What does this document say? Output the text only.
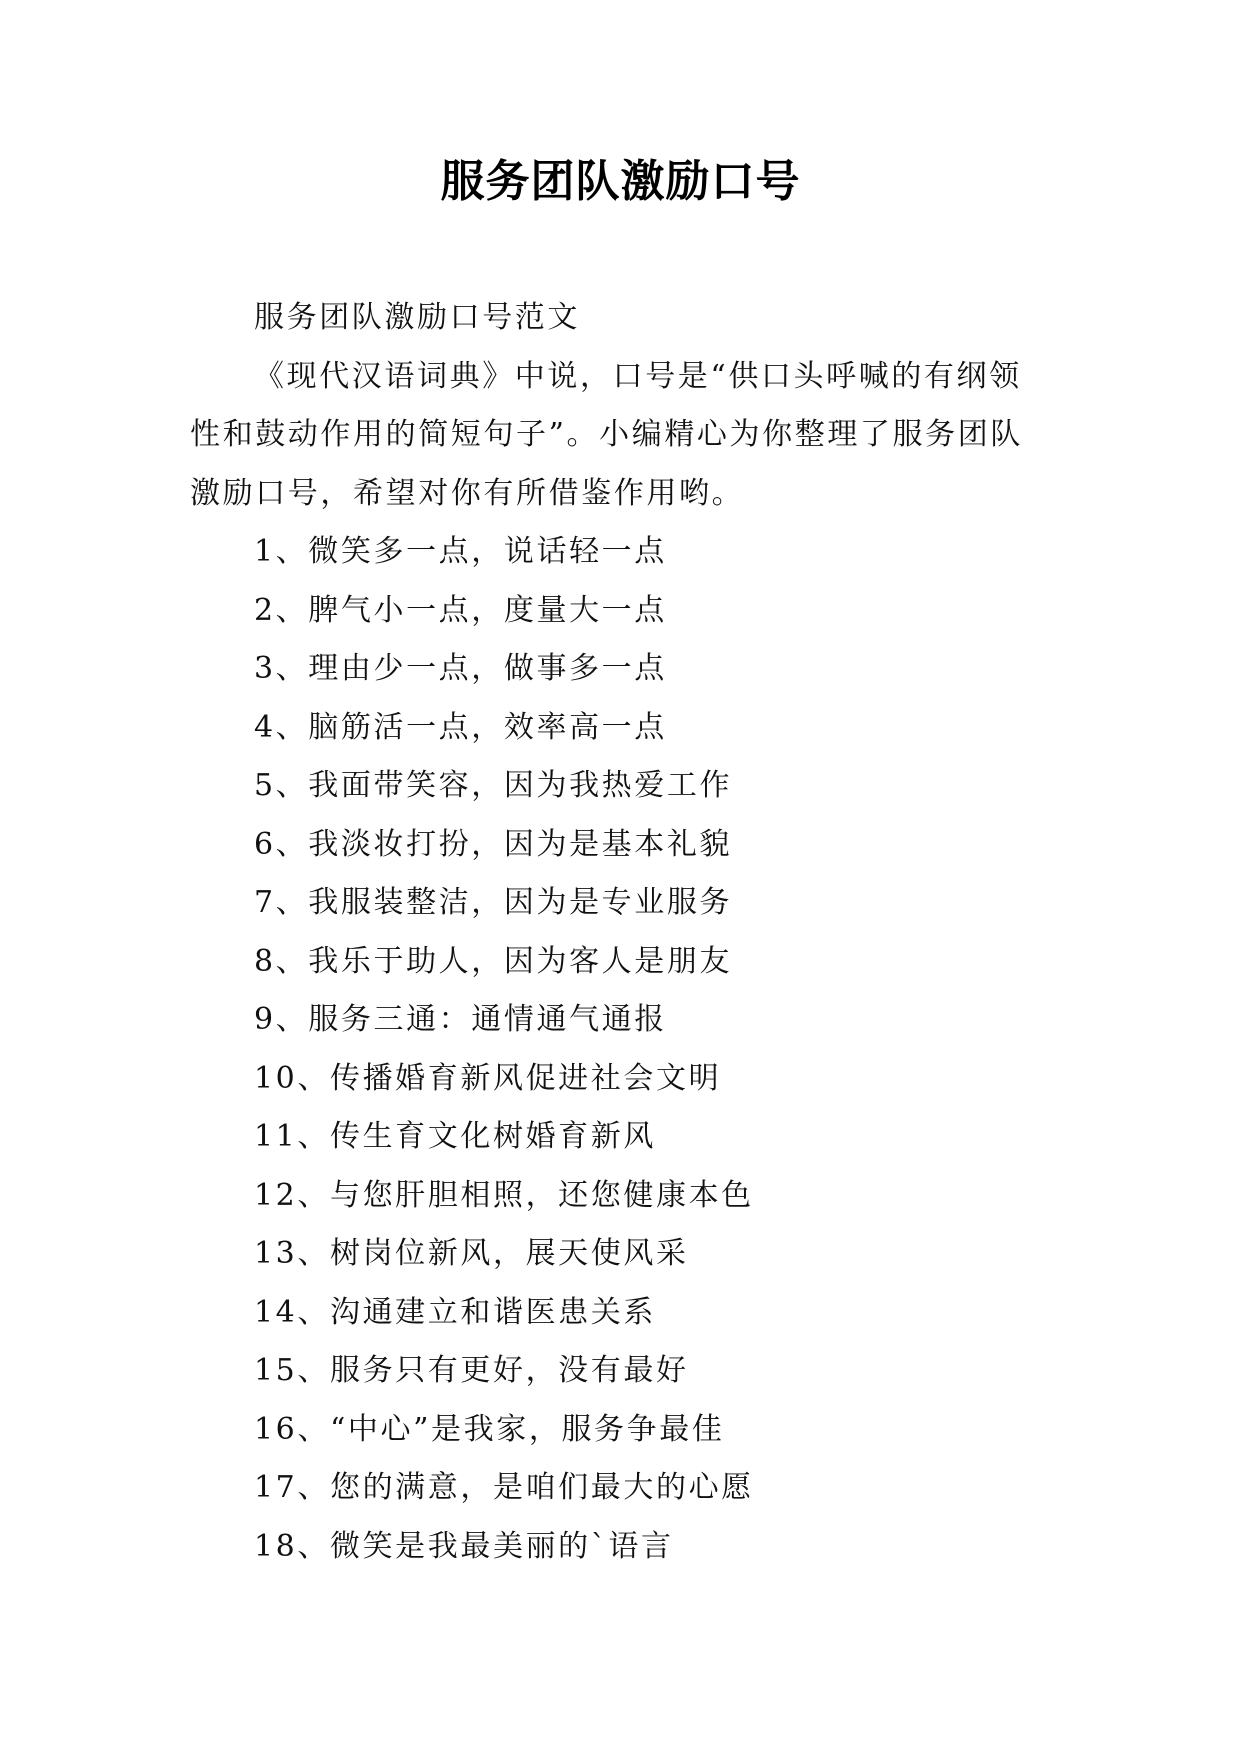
服务团队激励口号

服务团队激励口号范文

《现代汉语词典》中说，口号是“供口头呼喊的有纲领性和鼓动作用的简短句子”。小编精心为你整理了服务团队激励口号，希望对你有所借鉴作用哟。

1、微笑多一点，说话轻一点

2、脾气小一点，度量大一点

3、理由少一点，做事多一点

4、脑筋活一点，效率高一点

5、我面带笑容，因为我热爱工作

6、我淡妆打扮，因为是基本礼貌

7、我服装整洁，因为是专业服务

8、我乐于助人，因为客人是朋友

9、服务三通：通情通气通报

10、传播婚育新风促进社会文明

11、传生育文化树婚育新风

12、与您肝胆相照，还您健康本色

13、树岗位新风，展天使风采

14、沟通建立和谐医患关系

15、服务只有更好，没有最好

16、“中心”是我家，服务争最佳

17、您的满意，是咱们最大的心愿

18、微笑是我最美丽的`语言
